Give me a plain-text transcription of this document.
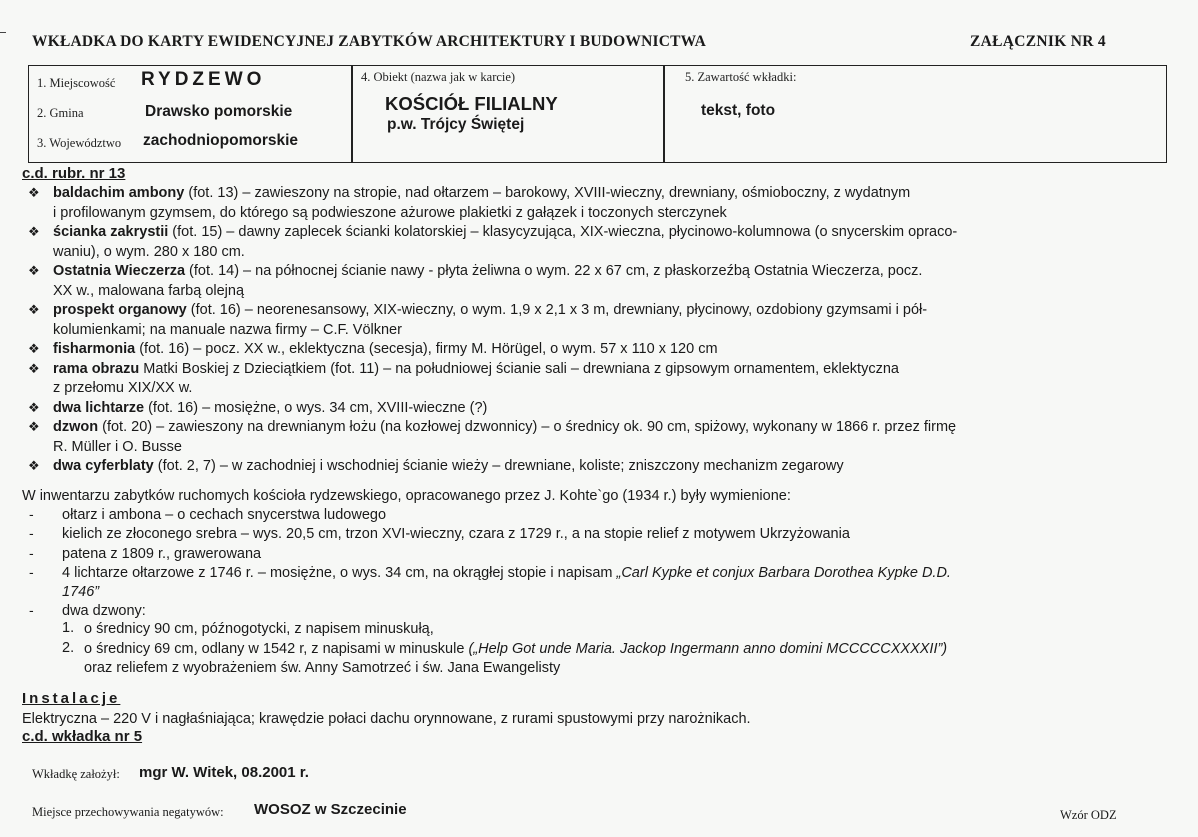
WKŁADKA DO KARTY EWIDENCYJNEJ ZABYTKÓW ARCHITEKTURY I BUDOWNICTWA	ZAŁĄCZNIK NR 4
1. Miejscowość RYDZEWO
2. Gmina	Drawsko pomorskie
3. Województwo zachodniopomorskie
4. Obiekt (nazwa jak w karcie)
KOŚCIÓŁ FILIALNY
p.w. Trójcy Świętej
5. Zawartość wkładki:
tekst, foto
c.d. rubr. nr 13
❖ baldachim ambony (fot. 13) – zawieszony na stropie, nad ołtarzem – barokowy, XVIII-wieczny, drewniany, ośmioboczny, z wydatnym
i profilowanym gzymsem, do którego są podwieszone ażurowe plakietki z gałązek i toczonych sterczynek
❖ ścianka zakrystii (fot. 15) – dawny zaplecek ścianki kolatorskiej – klasycyzująca, XIX-wieczna, płycinowo-kolumnowa (o snycerskim opraco-
waniu), o wym. 280 x 180 cm.
❖ Ostatnia Wieczerza (fot. 14) – na północnej ścianie nawy - płyta żeliwna o wym. 22 x 67 cm, z płaskorzeźbą Ostatnia Wieczerza, pocz.
XX w., malowana farbą olejną
❖ prospekt organowy (fot. 16) – neorenesansowy, XIX-wieczny, o wym. 1,9 x 2,1 x 3 m, drewniany, płycinowy, ozdobiony gzymsami i pół-
kolumienkami; na manuale nazwa firmy – C.F. Völkner
❖ fisharmonia (fot. 16) – pocz. XX w., eklektyczna (secesja), firmy M. Hörügel, o wym. 57 x 110 x 120 cm
❖ rama obrazu Matki Boskiej z Dzieciątkiem (fot. 11) – na południowej ścianie sali – drewniana z gipsowym ornamentem, eklektyczna
z przełomu XIX/XX w.
❖ dwa lichtarze (fot. 16) – mosiężne, o wys. 34 cm, XVIII-wieczne (?)
❖ dzwon (fot. 20) – zawieszony na drewnianym łożu (na kozłowej dzwonnicy) – o średnicy ok. 90 cm, spiżowy, wykonany w 1866 r. przez firmę
R. Müller i O. Busse
❖ dwa cyferblaty (fot. 2, 7) – w zachodniej i wschodniej ścianie wieży – drewniane, koliste; zniszczony mechanizm zegarowy
W inwentarzu zabytków ruchomych kościoła rydzewskiego, opracowanego przez J. Kohte`go (1934 r.) były wymienione:
- ołtarz i ambona – o cechach snycerstwa ludowego
- kielich ze złoconego srebra – wys. 20,5 cm, trzon XVI-wieczny, czara z 1729 r., a na stopie relief z motywem Ukrzyżowania
- patena z 1809 r., grawerowana
- 4 lichtarze ołtarzowe z 1746 r. – mosiężne, o wys. 34 cm, na okrągłej stopie i napisam „Carl Kypke et conjux Barbara Dorothea Kypke D.D.
1746”
- dwa dzwony:
1. o średnicy 90 cm, późnogotycki, z napisem minuskułą,
2. o średnicy 69 cm, odlany w 1542 r, z napisami w minuskule („Help Got unde Maria. Jackop Ingermann anno domini MCCCCCXXXXII”)
oraz reliefem z wyobrażeniem św. Anny Samotrzeć i św. Jana Ewangelisty
Instalacje
Elektryczna – 220 V i nagłaśniająca; krawędzie połaci dachu orynnowane, z rurami spustowymi przy narożnikach.
c.d. wkładka nr 5
Wkładkę założył: mgr W. Witek, 08.2001 r.
Miejsce przechowywania negatywów: WOSOZ w Szczecinie	Wzór ODZ
